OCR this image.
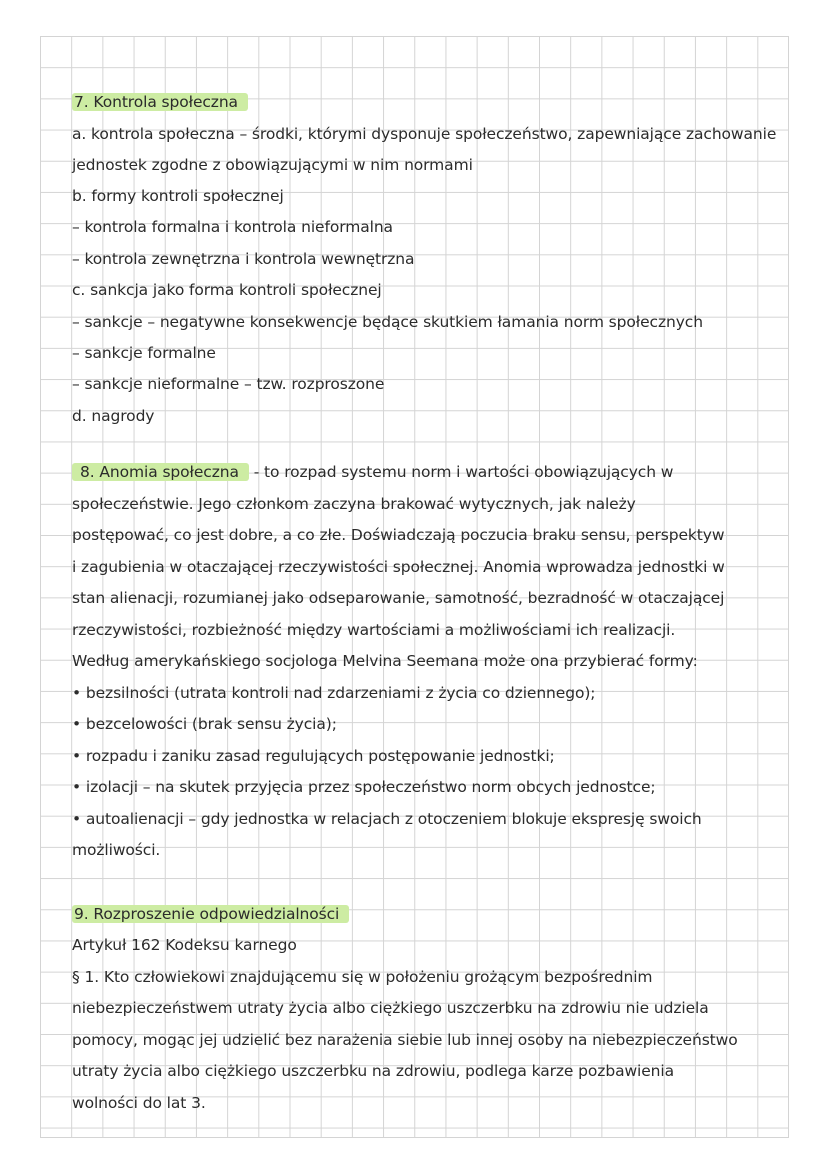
7. Kontrola społeczna
a. kontrola społeczna – środki, którymi dysponuje społeczeństwo, zapewniające zachowanie
jednostek zgodne z obowiązującymi w nim normami
b. formy kontroli społecznej
– kontrola formalna i kontrola nieformalna
– kontrola zewnętrzna i kontrola wewnętrzna
c. sankcja jako forma kontroli społecznej
– sankcje – negatywne konsekwencje będące skutkiem łamania norm społecznych
– sankcje formalne
– sankcje nieformalne – tzw. rozproszone
d. nagrody
8. Anomia społeczna - to rozpad systemu norm i wartości obowiązujących w
społeczeństwie. Jego członkom zaczyna brakować wytycznych, jak należy
postępować, co jest dobre, a co złe. Doświadczają poczucia braku sensu, perspektyw
i zagubienia w otaczającej rzeczywistości społecznej. Anomia wprowadza jednostki w
stan alienacji, rozumianej jako odseparowanie, samotność, bezradność w otaczającej
rzeczywistości, rozbieżność między wartościami a możliwościami ich realizacji.
Według amerykańskiego socjologa Melvina Seemana może ona przybierać formy:
• bezsilności (utrata kontroli nad zdarzeniami z życia co dziennego);
• bezcelowości (brak sensu życia);
• rozpadu i zaniku zasad regulujących postępowanie jednostki;
• izolacji – na skutek przyjęcia przez społeczeństwo norm obcych jednostce;
• autoalienacji – gdy jednostka w relacjach z otoczeniem blokuje ekspresję swoich
możliwości.
9. Rozproszenie odpowiedzialności
Artykuł 162 Kodeksu karnego
§ 1. Kto człowiekowi znajdującemu się w położeniu grożącym bezpośrednim
niebezpieczeństwem utraty życia albo ciężkiego uszczerbku na zdrowiu nie udziela
pomocy, mogąc jej udzielić bez narażenia siebie lub innej osoby na niebezpieczeństwo
utraty życia albo ciężkiego uszczerbku na zdrowiu, podlega karze pozbawienia
wolności do lat 3.
